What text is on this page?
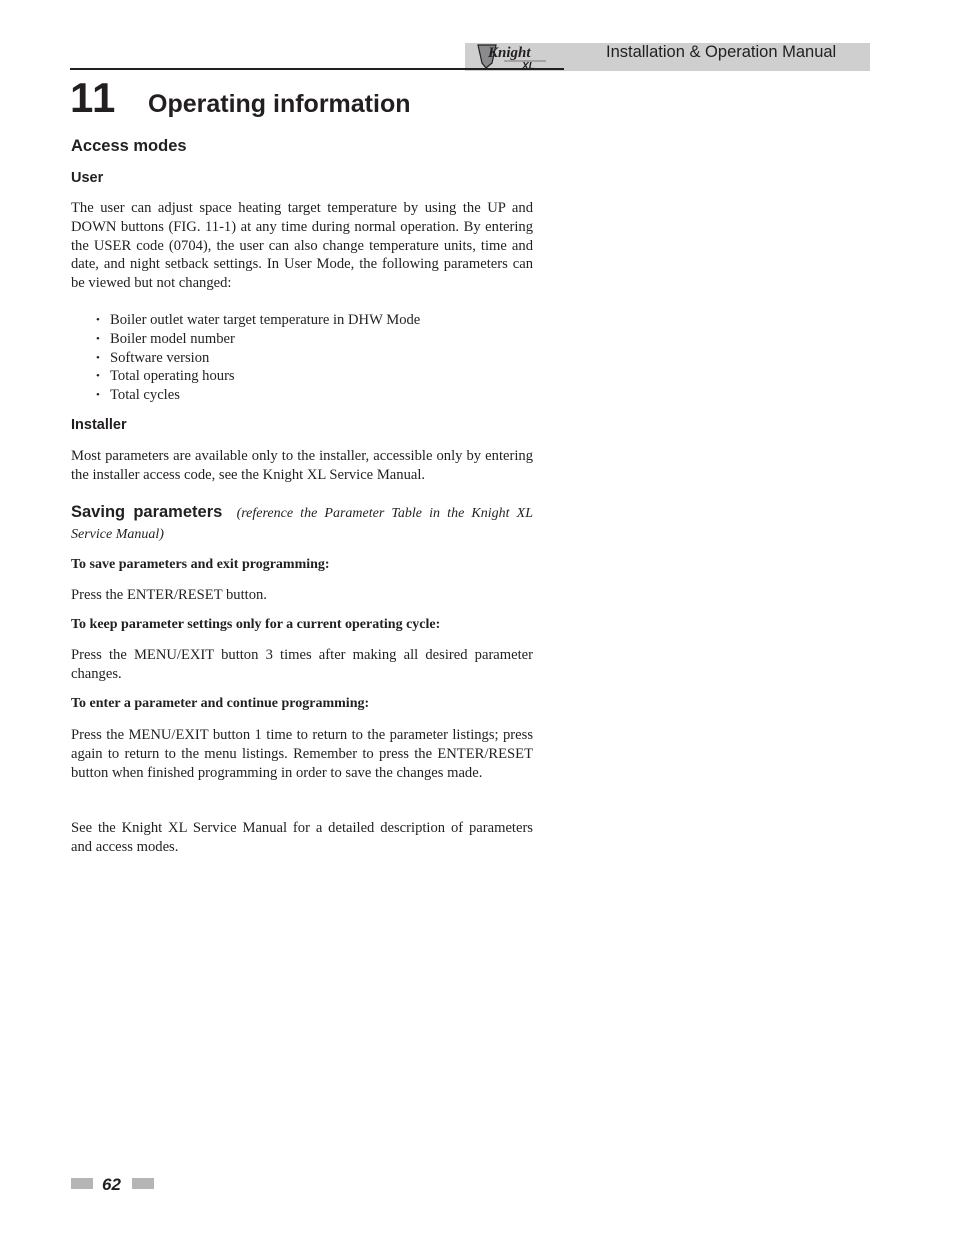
Knight
XL
Installation & Operation Manual
11 Operating information
Access modes
User
The user can adjust space heating target temperature by using the UP and DOWN buttons (FIG. 11-1) at any time during normal operation. By entering the USER code (0704), the user can also change temperature units, time and date, and night setback settings. In User Mode, the following parameters can be viewed but not changed:
• Boiler outlet water target temperature in DHW Mode
• Boiler model number
• Software version
• Total operating hours
• Total cycles
Installer
Most parameters are available only to the installer, accessible only by entering the installer access code, see the Knight XL Service Manual.
Saving parameters (reference the Parameter Table in the Knight XL Service Manual)
To save parameters and exit programming:
Press the ENTER/RESET button.
To keep parameter settings only for a current operating cycle:
Press the MENU/EXIT button 3 times after making all desired parameter changes.
To enter a parameter and continue programming:
Press the MENU/EXIT button 1 time to return to the parameter listings; press again to return to the menu listings. Remember to press the ENTER/RESET button when finished programming in order to save the changes made.
See the Knight XL Service Manual for a detailed description of parameters and access modes.
62
